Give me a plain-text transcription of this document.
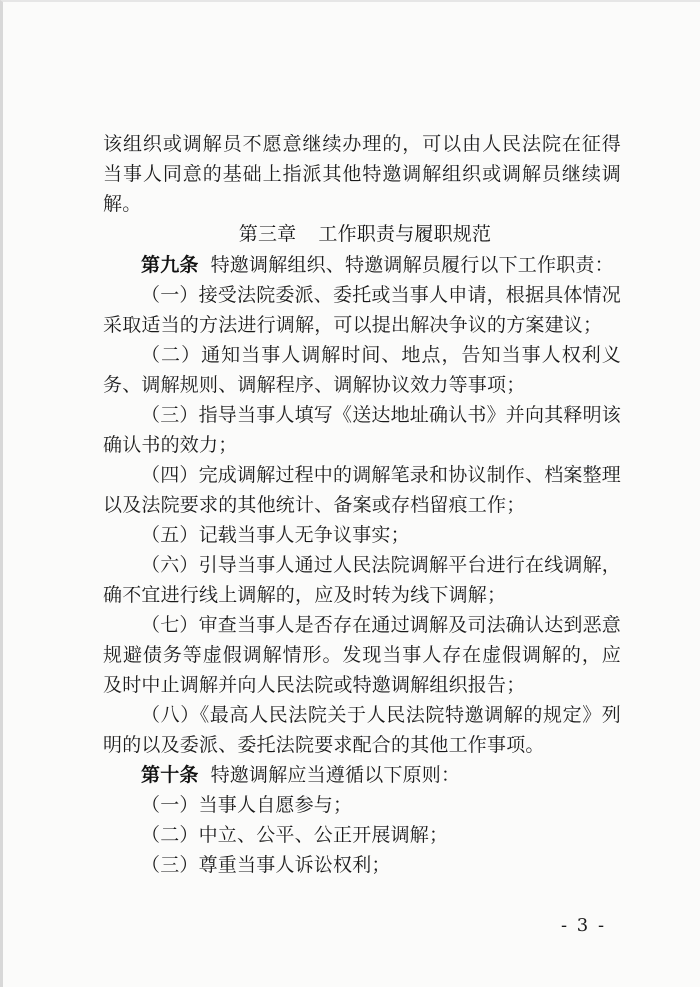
该组织或调解员不愿意继续办理的，可以由人民法院在征得当事人同意的基础上指派其他特邀调解组织或调解员继续调解。

第三章 工作职责与履职规范

第九条 特邀调解组织、特邀调解员履行以下工作职责：

（一）接受法院委派、委托或当事人申请，根据具体情况采取适当的方法进行调解，可以提出解决争议的方案建议；

（二）通知当事人调解时间、地点，告知当事人权利义务、调解规则、调解程序、调解协议效力等事项；

（三）指导当事人填写《送达地址确认书》并向其释明该确认书的效力；

（四）完成调解过程中的调解笔录和协议制作、档案整理以及法院要求的其他统计、备案或存档留痕工作；

（五）记载当事人无争议事实；

（六）引导当事人通过人民法院调解平台进行在线调解，确不宜进行线上调解的，应及时转为线下调解；

（七）审查当事人是否存在通过调解及司法确认达到恶意规避债务等虚假调解情形。发现当事人存在虚假调解的，应及时中止调解并向人民法院或特邀调解组织报告；

（八）《最高人民法院关于人民法院特邀调解的规定》列明的以及委派、委托法院要求配合的其他工作事项。

第十条 特邀调解应当遵循以下原则：

（一）当事人自愿参与；

（二）中立、公平、公正开展调解；

（三）尊重当事人诉讼权利；

- 3 -
